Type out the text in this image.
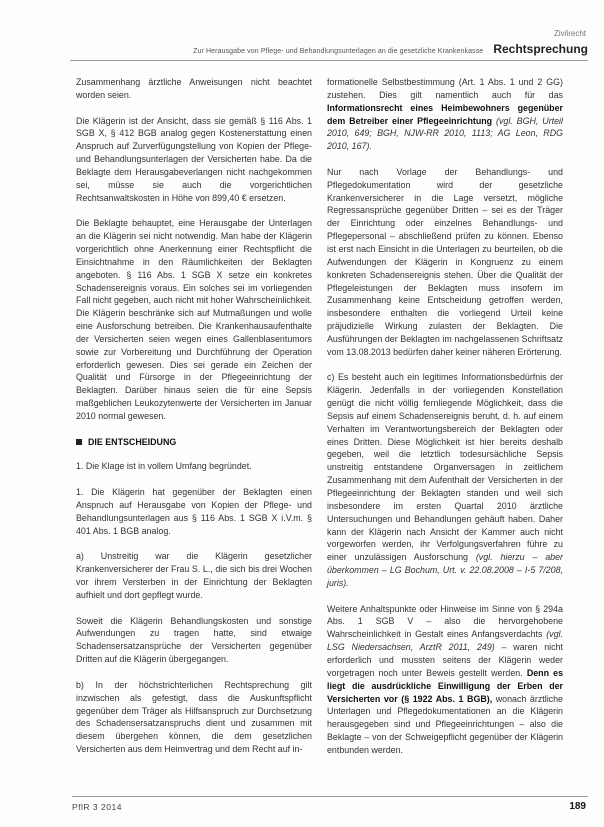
Zivilrecht
Zur Herausgabe von Pflege- und Behandlungsunterlagen an die gesetzliche Krankenkasse Rechtsprechung

Zusammenhang ärztliche Anweisungen nicht beachtet worden seien.

Die Klägerin ist der Ansicht, dass sie gemäß § 116 Abs. 1 SGB X, § 412 BGB analog gegen Kostenerstattung einen Anspruch auf Zurverfügungstellung von Kopien der Pflege- und Behandlungsunterlagen der Versicherten habe. Da die Beklagte dem Herausgabeverlangen nicht nachgekommen sei, müsse sie auch die vorgerichtlichen Rechtsanwaltskosten in Höhe von 899,40 € ersetzen.

Die Beklagte behauptet, eine Herausgabe der Unterlagen an die Klägerin sei nicht notwendig. Man habe der Klägerin vorgerichtlich ohne Anerkennung einer Rechtspflicht die Einsichtnahme in den Räumlichkeiten der Beklagten angeboten. § 116 Abs. 1 SGB X setze ein konkretes Schadensereignis voraus. Ein solches sei im vorliegenden Fall nicht gegeben, auch nicht mit hoher Wahrscheinlichkeit. Die Klägerin beschränke sich auf Mutmaßungen und wolle eine Ausforschung betreiben. Die Krankenhausaufenthalte der Versicherten seien wegen eines Gallenblasentumors sowie zur Vorbereitung und Durchführung der Operation erforderlich gewesen. Dies sei gerade ein Zeichen der Qualität und Fürsorge in der Pflegeeinrichtung der Beklagten. Darüber hinaus seien die für eine Sepsis maßgeblichen Leukozytenwerte der Versicherten im Januar 2010 normal gewesen.

DIE ENTSCHEIDUNG

1. Die Klage ist in vollem Umfang begründet.

1. Die Klägerin hat gegenüber der Beklagten einen Anspruch auf Herausgabe von Kopien der Pflege- und Behandlungsunterlagen aus § 116 Abs. 1 SGB X i.V.m. § 401 Abs. 1 BGB analog.

a) Unstreitig war die Klägerin gesetzlicher Krankenversicherer der Frau S. L., die sich bis drei Wochen vor ihrem Versterben in der Einrichtung der Beklagten aufhielt und dort gepflegt wurde.

Soweit die Klägerin Behandlungskosten und sonstige Aufwendungen zu tragen hatte, sind etwaige Schadensersatzansprüche der Versicherten gegenüber Dritten auf die Klägerin übergegangen.

b) In der höchstrichterlichen Rechtsprechung gilt inzwischen als gefestigt, dass die Auskunftspflicht gegenüber dem Träger als Hilfsanspruch zur Durchsetzung des Schadensersatzanspruchs dient und zusammen mit diesem übergehen können, die dem gesetzlichen Versicherten aus dem Heimvertrag und dem Recht auf in-

formationelle Selbstbestimmung (Art. 1 Abs. 1 und 2 GG) zustehen. Dies gilt namentlich auch für das Informationsrecht eines Heimbewohners gegenüber dem Betreiber einer Pflegeeinrichtung (vgl. BGH, Urteil 2010, 649; BGH, NJW-RR 2010, 1113; AG Leon, RDG 2010, 167).

Nur nach Vorlage der Behandlungs- und Pflegedokumentation wird der gesetzliche Krankenversicherer in die Lage versetzt, mögliche Regressansprüche gegenüber Dritten – sei es der Träger der Einrichtung oder einzelnes Behandlungs- und Pflegepersonal – abschließend prüfen zu können. Ebenso ist erst nach Einsicht in die Unterlagen zu beurteilen, ob die Aufwendungen der Klägerin in Kongruenz zu einem konkreten Schadensereignis stehen. Über die Qualität der Pflegeleistungen der Beklagten muss insofern im Zusammenhang keine Entscheidung getroffen werden, insbesondere enthalten die vorliegend Urteil keine präjudizielle Wirkung zulasten der Beklagten. Die Ausführungen der Beklagten im nachgelassenen Schriftsatz vom 13.08.2013 bedürfen daher keiner näheren Erörterung.

c) Es besteht auch ein legitimes Informationsbedürfnis der Klägerin. Jedenfalls in der vorliegenden Konstellation genügt die nicht völlig fernliegende Möglichkeit, dass die Sepsis auf einem Schadensereignis beruht, d. h. auf einem Verhalten im Verantwortungsbereich der Beklagten oder eines Dritten. Diese Möglichkeit ist hier bereits deshalb gegeben, weil die letztlich todesursächliche Sepsis unstreitig entstandene Organversagen in zeitlichem Zusammenhang mit dem Aufenthalt der Versicherten in der Pflegeeinrichtung der Beklagten standen und weil sich insbesondere im ersten Quartal 2010 ärztliche Untersuchungen und Behandlungen gehäuft haben. Daher kann der Klägerin nach Ansicht der Kammer auch nicht vorgeworfen werden, ihr Verfolgungsverfahren führe zu einer unzulässigen Ausforschung (vgl. hierzu – aber überkommen – LG Bochum, Urt. v. 22.08.2008 – I-5 7/208, juris).

Weitere Anhaltspunkte oder Hinweise im Sinne von § 294a Abs. 1 SGB V – also die hervorgehobene Wahrscheinlichkeit in Gestalt eines Anfangsverdachts (vgl. LSG Niedersachsen, ArztR 2011, 249) – waren nicht erforderlich und mussten seitens der Klägerin weder vorgetragen noch unter Beweis gestellt werden. Denn es liegt die ausdrückliche Einwilligung der Erben der Versicherten vor (§ 1922 Abs. 1 BGB), wonach ärztliche Unterlagen und Pflegedokumentationen an die Klägerin herausgegeben sind und Pflegeeinrichtungen – also die Beklagte – von der Schweigepflicht gegenüber der Klägerin entbunden werden.

PflR 3 2014	189
